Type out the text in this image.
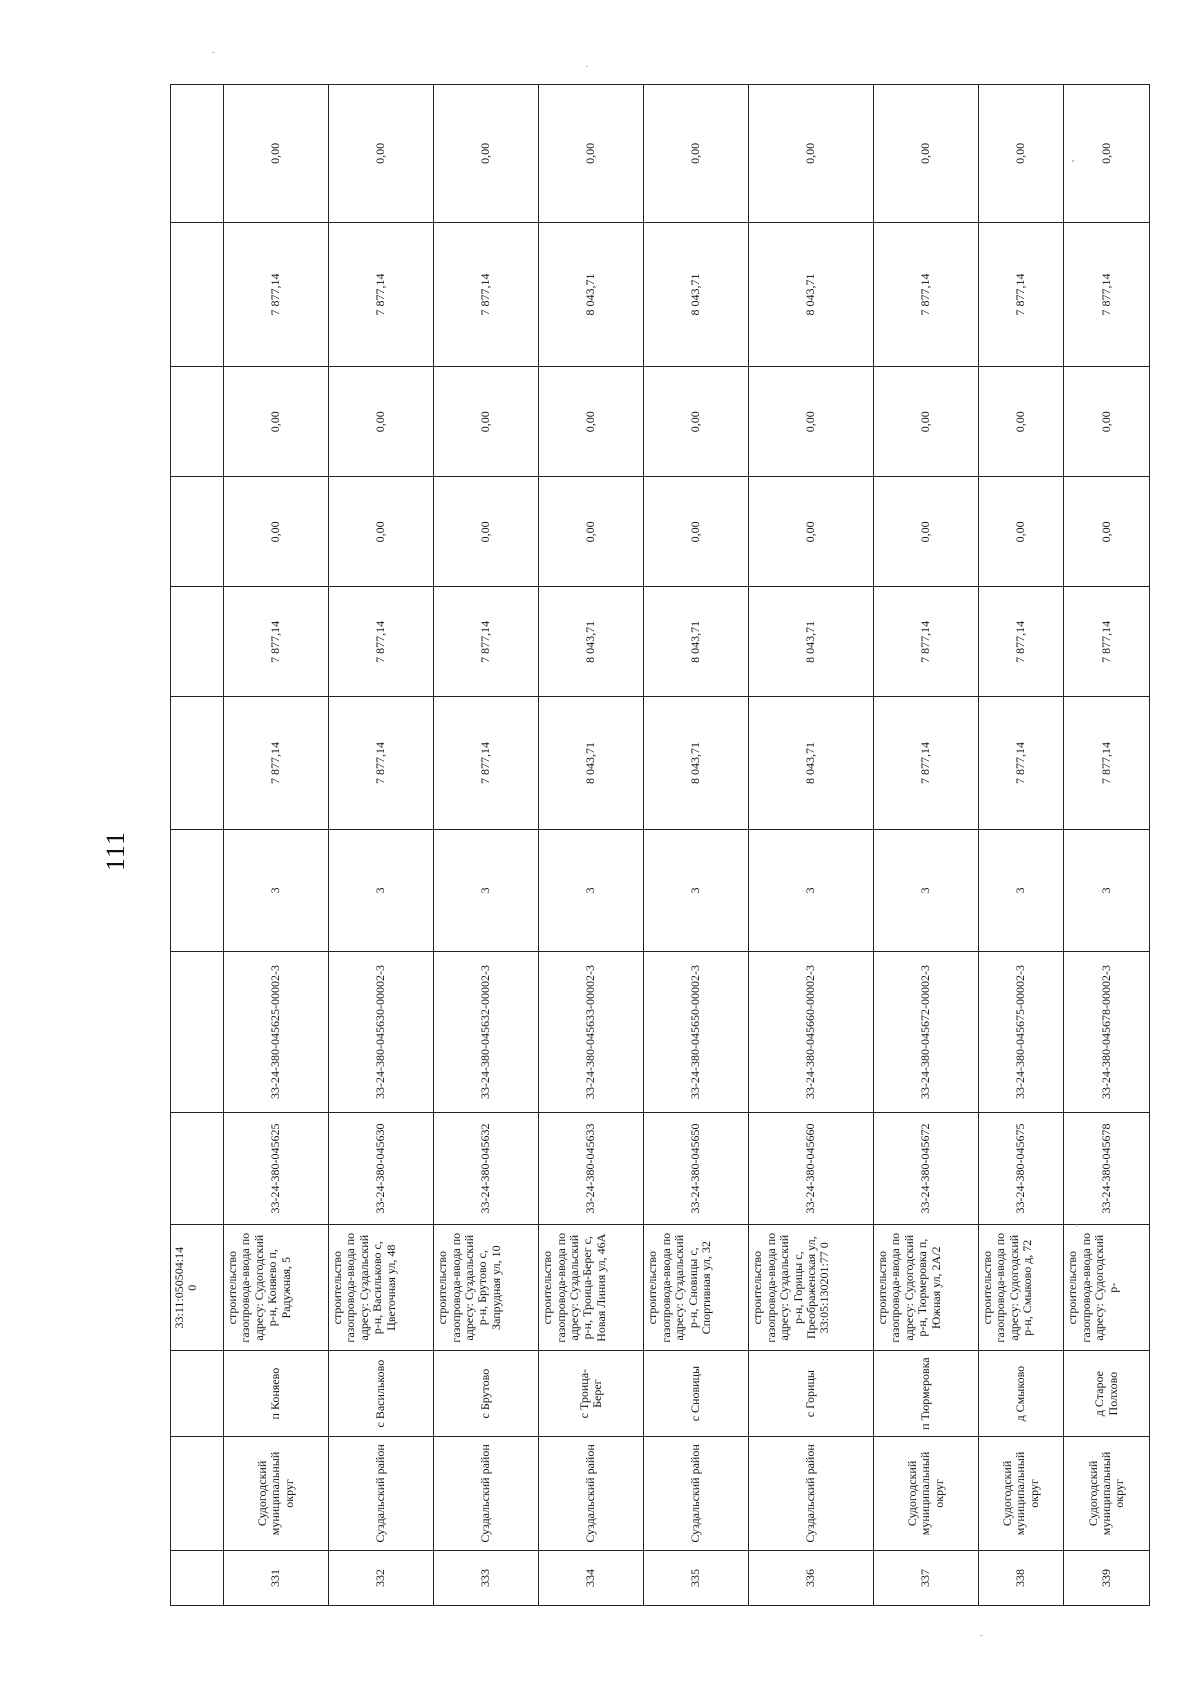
111
			33:11:050504:14
0									
331	Судогодский муниципальный округ	п Коняево	строительство газопровода-ввода по адресу: Судогодский р-н, Коняево п, Радужная, 5	33-24-380-045625	33-24-380-045625-00002-3	3	7 877,14	7 877,14	0,00	0,00	7 877,14	0,00
332	Суздальский район	с Васильково	строительство газопровода-ввода по адресу: Суздальский р-н, Васильково с, Цветочная ул, 48	33-24-380-045630	33-24-380-045630-00002-3	3	7 877,14	7 877,14	0,00	0,00	7 877,14	0,00
333	Суздальский район	с Брутово	строительство газопровода-ввода по адресу: Суздальский р-н, Брутово с, Запрудная ул, 10	33-24-380-045632	33-24-380-045632-00002-3	3	7 877,14	7 877,14	0,00	0,00	7 877,14	0,00
334	Суздальский район	с Троица-Берег	строительство газопровода-ввода по адресу: Суздальский р-н, Троица-Берег с, Новая Линия ул, 46А	33-24-380-045633	33-24-380-045633-00002-3	3	8 043,71	8 043,71	0,00	0,00	8 043,71	0,00
335	Суздальский район	с Сновицы	строительство газопровода-ввода по адресу: Суздальский р-н, Сновицы с, Спортивная ул, 32	33-24-380-045650	33-24-380-045650-00002-3	3	8 043,71	8 043,71	0,00	0,00	8 043,71	0,00
336	Суздальский район	с Горицы	строительство газопровода-ввода по адресу: Суздальский р-н, Горицы с, Преображенская ул, 33:05:130201:77 0	33-24-380-045660	33-24-380-045660-00002-3	3	8 043,71	8 043,71	0,00	0,00	8 043,71	0,00
337	Судогодский муниципальный округ	п Тюрмеровка	строительство газопровода-ввода по адресу: Судогодский р-н, Тюрмеровка п, Южная ул, 2А/2	33-24-380-045672	33-24-380-045672-00002-3	3	7 877,14	7 877,14	0,00	0,00	7 877,14	0,00
338	Судогодский муниципальный округ	д Смыково	строительство газопровода-ввода по адресу: Судогодский р-н, Смыково д, 72	33-24-380-045675	33-24-380-045675-00002-3	3	7 877,14	7 877,14	0,00	0,00	7 877,14	0,00
339	Судогодский муниципальный округ	д Старое Полхово	строительство газопровода-ввода по адресу: Судогодский р-	33-24-380-045678	33-24-380-045678-00002-3	3	7 877,14	7 877,14	0,00	0,00	7 877,14	0,00
